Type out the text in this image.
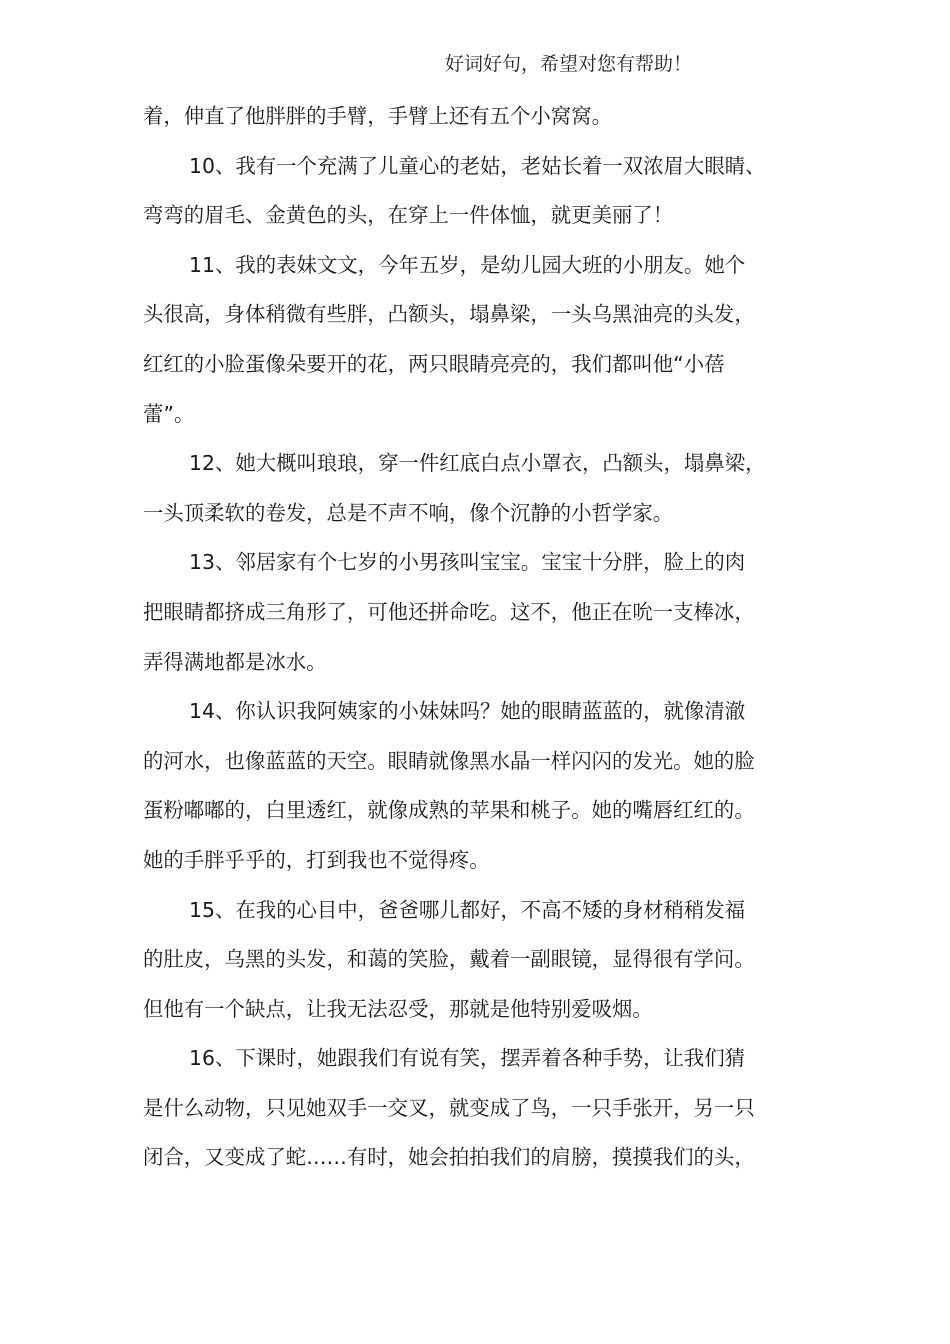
好词好句，希望对您有帮助！
着，伸直了他胖胖的手臂，手臂上还有五个小窝窝。
10、我有一个充满了儿童心的老姑，老姑长着一双浓眉大眼睛、
弯弯的眉毛、金黄色的头，在穿上一件体恤，就更美丽了！
11、我的表妹文文，今年五岁，是幼儿园大班的小朋友。她个
头很高，身体稍微有些胖，凸额头，塌鼻梁，一头乌黑油亮的头发，
红红的小脸蛋像朵要开的花，两只眼睛亮亮的，我们都叫他“小蓓
蕾”。
12、她大概叫琅琅，穿一件红底白点小罩衣，凸额头，塌鼻梁，
一头顶柔软的卷发，总是不声不响，像个沉静的小哲学家。
13、邻居家有个七岁的小男孩叫宝宝。宝宝十分胖，脸上的肉
把眼睛都挤成三角形了，可他还拼命吃。这不，他正在吮一支棒冰，
弄得满地都是冰水。
14、你认识我阿姨家的小妹妹吗？她的眼睛蓝蓝的，就像清澈
的河水，也像蓝蓝的天空。眼睛就像黑水晶一样闪闪的发光。她的脸
蛋粉嘟嘟的，白里透红，就像成熟的苹果和桃子。她的嘴唇红红的。
她的手胖乎乎的，打到我也不觉得疼。
15、在我的心目中，爸爸哪儿都好，不高不矮的身材稍稍发福
的肚皮，乌黑的头发，和蔼的笑脸，戴着一副眼镜，显得很有学问。
但他有一个缺点，让我无法忍受，那就是他特别爱吸烟。
16、下课时，她跟我们有说有笑，摆弄着各种手势，让我们猜
是什么动物，只见她双手一交叉，就变成了鸟，一只手张开，另一只
闭合，又变成了蛇……有时，她会拍拍我们的肩膀，摸摸我们的头，
